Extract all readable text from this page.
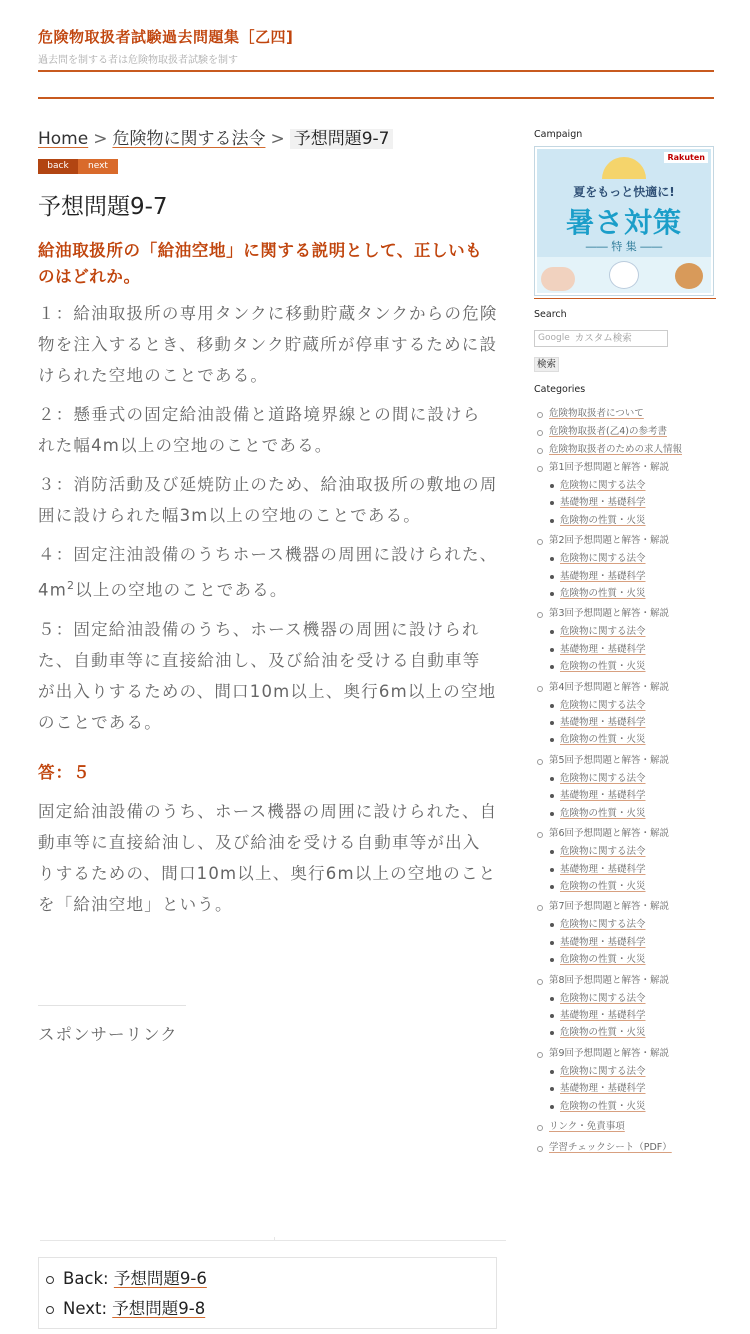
危険物取扱者試験過去問題集［乙四]
過去問を制する者は危険物取扱者試験を制す
Home > 危険物に関する法令 > 予想問題9-7
back	next
予想問題9-7
給油取扱所の「給油空地」に関する説明として、正しいものはどれか。
１：給油取扱所の専用タンクに移動貯蔵タンクからの危険物を注入するとき、移動タンク貯蔵所が停車するために設けられた空地のことである。
２：懸垂式の固定給油設備と道路境界線との間に設けられた幅4m以上の空地のことである。
３：消防活動及び延焼防止のため、給油取扱所の敷地の周囲に設けられた幅3m以上の空地のことである。
４：固定注油設備のうちホース機器の周囲に設けられた、$4m^2$以上の空地のことである。
５：固定給油設備のうち、ホース機器の周囲に設けられた、自動車等に直接給油し、及び給油を受ける自動車等が出入りするための、間口10m以上、奥行6m以上の空地のことである。
答：５
固定給油設備のうち、ホース機器の周囲に設けられた、自動車等に直接給油し、及び給油を受ける自動車等が出入りするための、間口10m以上、奥行6m以上の空地のことを「給油空地」という。
スポンサーリンク
Back: 予想問題9-6
Next: 予想問題9-8
Campaign
Rakuten
夏をもっと快適に!
暑さ対策
―― 特 集 ――
Search
Google カスタム検索
検索
Categories
危険物取扱者について
危険物取扱者(乙4)の参考書
危険物取扱者のための求人情報
第1回予想問題と解答・解説
危険物に関する法令
基礎物理・基礎科学
危険物の性質・火災
第2回予想問題と解答・解説
危険物に関する法令
基礎物理・基礎科学
危険物の性質・火災
第3回予想問題と解答・解説
危険物に関する法令
基礎物理・基礎科学
危険物の性質・火災
第4回予想問題と解答・解説
危険物に関する法令
基礎物理・基礎科学
危険物の性質・火災
第5回予想問題と解答・解説
危険物に関する法令
基礎物理・基礎科学
危険物の性質・火災
第6回予想問題と解答・解説
危険物に関する法令
基礎物理・基礎科学
危険物の性質・火災
第7回予想問題と解答・解説
危険物に関する法令
基礎物理・基礎科学
危険物の性質・火災
第8回予想問題と解答・解説
危険物に関する法令
基礎物理・基礎科学
危険物の性質・火災
第9回予想問題と解答・解説
危険物に関する法令
基礎物理・基礎科学
危険物の性質・火災
リンク・免責事項
学習チェックシート（PDF）
